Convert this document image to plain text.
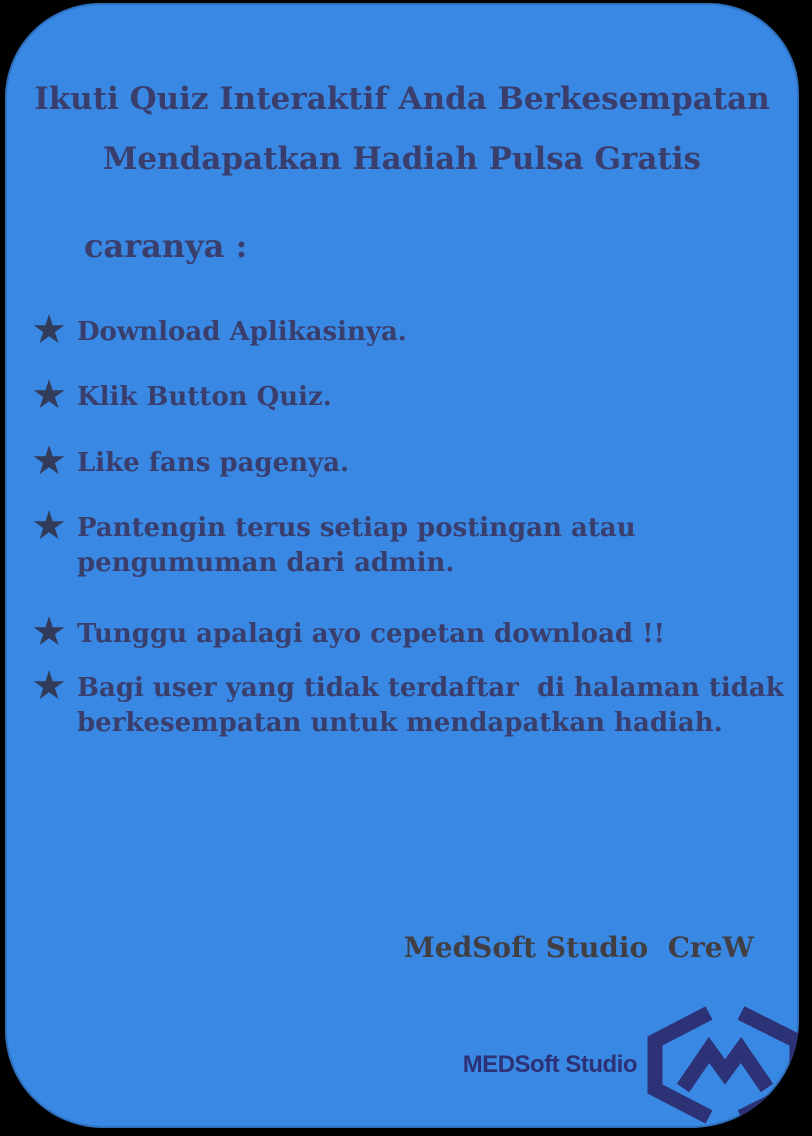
Ikuti Quiz Interaktif Anda Berkesempatan
Mendapatkan Hadiah Pulsa Gratis
caranya :
★ Download Aplikasinya.
★ Klik Button Quiz.
★ Like fans pagenya.
★ Pantengin terus setiap postingan atau
pengumuman dari admin.
★ Tunggu apalagi ayo cepetan download !!
★ Bagi user yang tidak terdaftar  di halaman tidak
berkesempatan untuk mendapatkan hadiah.
MedSoft Studio  CreW
MEDSoft Studio
